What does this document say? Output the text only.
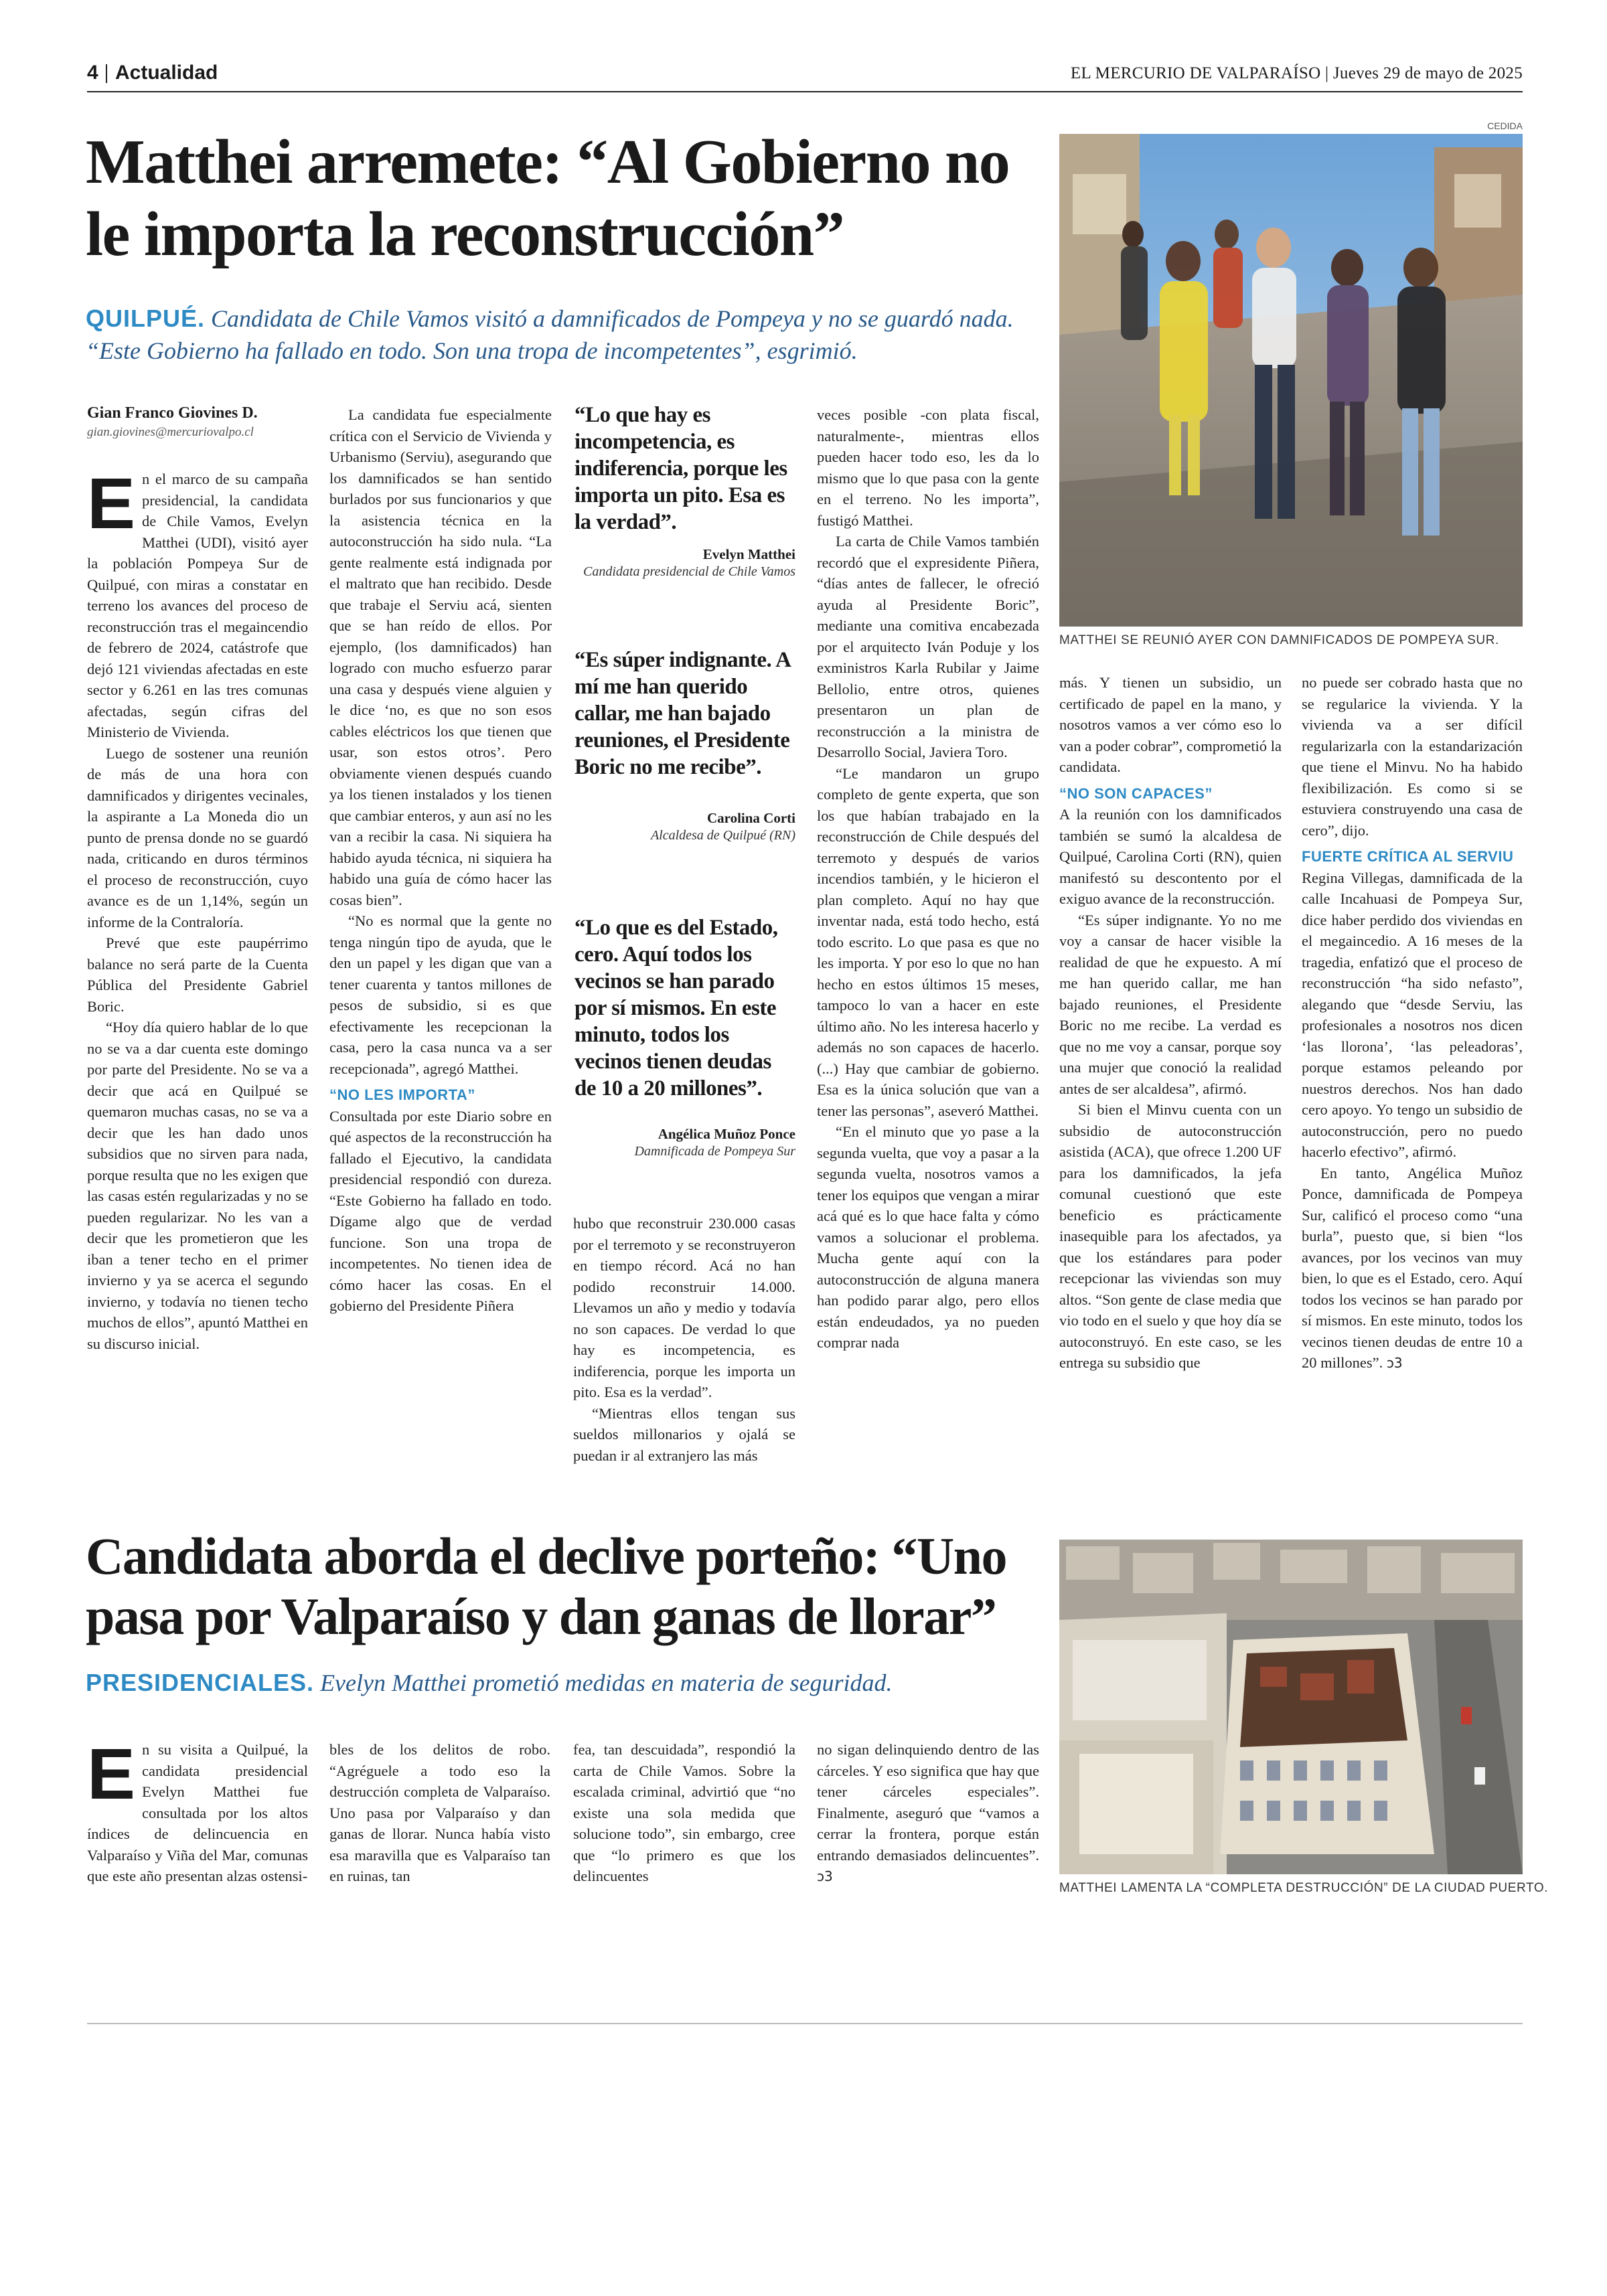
4 Actualidad	EL MERCURIO DE VALPARAÍSO | Jueves 29 de mayo de 2025
Matthei arremete: “Al Gobierno no le importa la reconstrucción”
QUILPUÉ. Candidata de Chile Vamos visitó a damnificados de Pompeya y no se guardó nada. “Este Gobierno ha fallado en todo. Son una tropa de incompetentes”, esgrimió.
Gian Franco Giovines D.
gian.giovines@mercuriovalpo.cl
E n el marco de su campaña presidencial, la candidata de Chile Vamos, Evelyn Matthei (UDI), visitó ayer la población Pompeya Sur de Quilpué, con miras a constatar en terreno los avances del proceso de reconstrucción tras el megaincendio de febrero de 2024, catástrofe que dejó 121 viviendas afectadas en este sector y 6.261 en las tres comunas afectadas, según cifras del Ministerio de Vivienda.

Luego de sostener una reunión de más de una hora con damnificados y dirigentes vecinales, la aspirante a La Moneda dio un punto de prensa donde no se guardó nada, criticando en duros términos el proceso de reconstrucción, cuyo avance es de un 1,14%, según un informe de la Contraloría.

Prevé que este paupérrimo balance no será parte de la Cuenta Pública del Presidente Gabriel Boric.

“Hoy día quiero hablar de lo que no se va a dar cuenta este domingo por parte del Presidente. No se va a decir que acá en Quilpué se quemaron muchas casas, no se va a decir que les han dado unos subsidios que no sirven para nada, porque resulta que no les exigen que las casas estén regularizadas y no se pueden regularizar. No les van a decir que les prometieron que les iban a tener techo en el primer invierno y ya se acerca el segundo invierno, y todavía no tienen techo muchos de ellos”, apuntó Matthei en su discurso inicial.

La candidata fue especialmente crítica con el Servicio de Vivienda y Urbanismo (Serviu), asegurando que los damnificados se han sentido burlados por sus funcionarios y que la asistencia técnica en la autoconstrucción ha sido nula. “La gente realmente está indignada por el maltrato que han recibido. Desde que trabaje el Serviu acá, sienten que se han reído de ellos. Por ejemplo, (los damnificados) han logrado con mucho esfuerzo parar una casa y después viene alguien y le dice ‘no, es que no son esos cables eléctricos los que tienen que usar, son estos otros’. Pero obviamente vienen después cuando ya los tienen instalados y los tienen que cambiar enteros, y aun así no les van a recibir la casa. Ni siquiera ha habido ayuda técnica, ni siquiera ha habido una guía de cómo hacer las cosas bien”.

“No es normal que la gente no tenga ningún tipo de ayuda, que le den un papel y les digan que van a tener cuarenta y tantos millones de pesos de subsidio, si es que efectivamente les recepcionan la casa, pero la casa nunca va a ser recepcionada”, agregó Matthei.

“NO LES IMPORTA”

Consultada por este Diario sobre en qué aspectos de la reconstrucción ha fallado el Ejecutivo, la candidata presidencial respondió con dureza. “Este Gobierno ha fallado en todo. Dígame algo que de verdad funcione. Son una tropa de incompetentes. No tienen idea de cómo hacer las cosas. En el gobierno del Presidente Piñera

“Lo que hay es incompetencia, es indiferencia, porque les importa un pito. Esa es la verdad”.
Evelyn Matthei
Candidata presidencial de Chile Vamos
“Es súper indignante. A mí me han querido callar, me han bajado reuniones, el Presidente Boric no me recibe”.
Carolina Corti
Alcaldesa de Quilpué (RN)
“Lo que es del Estado, cero. Aquí todos los vecinos se han parado por sí mismos. En este minuto, todos los vecinos tienen deudas de 10 a 20 millones”.
Angélica Muñoz Ponce
Damnificada de Pompeya Sur

hubo que reconstruir 230.000 casas por el terremoto y se reconstruyeron en tiempo récord. Acá no han podido reconstruir 14.000. Llevamos un año y medio y todavía no son capaces. De verdad lo que hay es incompetencia, es indiferencia, porque les importa un pito. Esa es la verdad”.

“Mientras ellos tengan sus sueldos millonarios y ojalá se puedan ir al extranjero las más

veces posible -con plata fiscal, naturalmente-, mientras ellos pueden hacer todo eso, les da lo mismo que lo que pasa con la gente en el terreno. No les importa”, fustigó Matthei.

La carta de Chile Vamos también recordó que el expresidente Piñera, “días antes de fallecer, le ofreció ayuda al Presidente Boric”, mediante una comitiva encabezada por el arquitecto Iván Poduje y los exministros Karla Rubilar y Jaime Bellolio, entre otros, quienes presentaron un plan de reconstrucción a la ministra de Desarrollo Social, Javiera Toro.

“Le mandaron un grupo completo de gente experta, que son los que habían trabajado en la reconstrucción de Chile después del terremoto y después de varios incendios también, y le hicieron el plan completo. Aquí no hay que inventar nada, está todo hecho, está todo escrito. Lo que pasa es que no les importa. Y por eso lo que no han hecho en estos últimos 15 meses, tampoco lo van a hacer en este último año. No les interesa hacerlo y además no son capaces de hacerlo. (...) Hay que cambiar de gobierno. Esa es la única solución que van a tener las personas”, aseveró Matthei.

“En el minuto que yo pase a la segunda vuelta, que voy a pasar a la segunda vuelta, nosotros vamos a tener los equipos que vengan a mirar acá qué es lo que hace falta y cómo vamos a solucionar el problema. Mucha gente aquí con la autoconstrucción de alguna manera han podido parar algo, pero ellos están endeudados, ya no pueden comprar nada

CEDIDA
MATTHEI SE REUNIÓ AYER CON DAMNIFICADOS DE POMPEYA SUR.

más. Y tienen un subsidio, un certificado de papel en la mano, y nosotros vamos a ver cómo eso lo van a poder cobrar”, comprometió la candidata.

“NO SON CAPACES”

A la reunión con los damnificados también se sumó la alcaldesa de Quilpué, Carolina Corti (RN), quien manifestó su descontento por el exiguo avance de la reconstrucción.

“Es súper indignante. Yo no me voy a cansar de hacer visible la realidad de que he expuesto. A mí me han querido callar, me han bajado reuniones, el Presidente Boric no me recibe. La verdad es que no me voy a cansar, porque soy una mujer que conoció la realidad antes de ser alcaldesa”, afirmó.

Si bien el Minvu cuenta con un subsidio de autoconstrucción asistida (ACA), que ofrece 1.200 UF para los damnificados, la jefa comunal cuestionó que este beneficio es prácticamente inasequible para los afectados, ya que los estándares para poder recepcionar las viviendas son muy altos. “Son gente de clase media que vio todo en el suelo y que hoy día se autoconstruyó. En este caso, se les entrega su subsidio que

no puede ser cobrado hasta que no se regularice la vivienda. Y la vivienda va a ser difícil regularizarla con la estandarización que tiene el Minvu. No ha habido flexibilización. Es como si se estuviera construyendo una casa de cero”, dijo.

FUERTE CRÍTICA AL SERVIU

Regina Villegas, damnificada de la calle Incahuasi de Pompeya Sur, dice haber perdido dos viviendas en el megaincedio. A 16 meses de la tragedia, enfatizó que el proceso de reconstrucción “ha sido nefasto”, alegando que “desde Serviu, las profesionales a nosotros nos dicen ‘las llorona’, ‘las peleadoras’, porque estamos peleando por nuestros derechos. Nos han dado cero apoyo. Yo tengo un subsidio de autoconstrucción, pero no puedo hacerlo efectivo”, afirmó.

En tanto, Angélica Muñoz Ponce, damnificada de Pompeya Sur, calificó el proceso como “una burla”, puesto que, si bien “los avances, por los vecinos van muy bien, lo que es el Estado, cero. Aquí todos los vecinos se han parado por sí mismos. En este minuto, todos los vecinos tienen deudas de entre 10 a 20 millones”. ↄ3

Candidata aborda el declive porteño: “Uno pasa por Valparaíso y dan ganas de llorar”
PRESIDENCIALES. Evelyn Matthei prometió medidas en materia de seguridad.
E n su visita a Quilpué, la candidata presidencial Evelyn Matthei fue consultada por los altos índices de delincuencia en Valparaíso y Viña del Mar, comunas que este año presentan alzas ostensi-

bles de los delitos de robo. “Agréguele a todo eso la destrucción completa de Valparaíso. Uno pasa por Valparaíso y dan ganas de llorar. Nunca había visto esa maravilla que es Valparaíso tan en ruinas, tan

fea, tan descuidada”, respondió la carta de Chile Vamos. Sobre la escalada criminal, advirtió que “no existe una sola medida que solucione todo”, sin embargo, cree que “lo primero es que los delincuentes

no sigan delinquiendo dentro de las cárceles. Y eso significa que hay que tener cárceles especiales”. Finalmente, aseguró que “vamos a cerrar la frontera, porque están entrando demasiados delincuentes”. ↄ3

MATTHEI LAMENTA LA “COMPLETA DESTRUCCIÓN” DE LA CIUDAD PUERTO.
